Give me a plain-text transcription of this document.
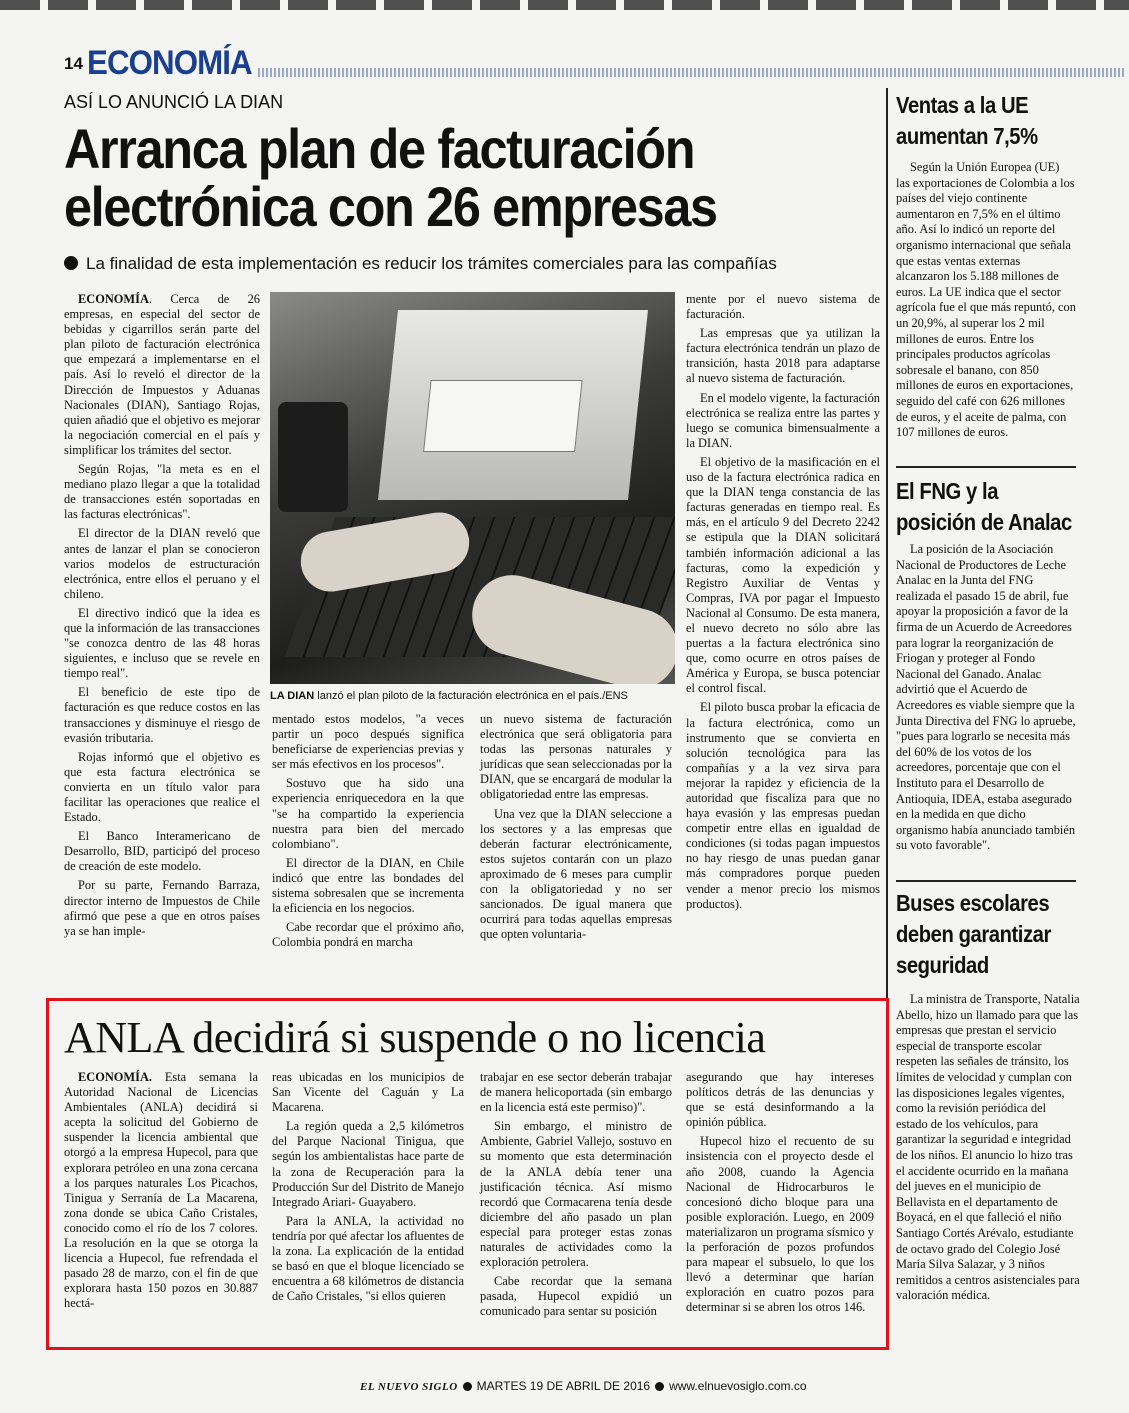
14 ECONOMÍA
ASÍ LO ANUNCIÓ LA DIAN
Arranca plan de facturación electrónica con 26 empresas
La finalidad de esta implementación es reducir los trámites comerciales para las compañías

ECONOMÍA. Cerca de 26 empresas, en especial del sector de bebidas y cigarrillos serán parte del plan piloto de facturación electrónica que empezará a implementarse en el país. Así lo reveló el director de la Dirección de Impuestos y Aduanas Nacionales (DIAN), Santiago Rojas, quien añadió que el objetivo es mejorar la negociación comercial en el país y simplificar los trámites del sector.

Según Rojas, "la meta es en el mediano plazo llegar a que la totalidad de transacciones estén soportadas en las facturas electrónicas".

El director de la DIAN reveló que antes de lanzar el plan se conocieron varios modelos de estructuración electrónica, entre ellos el peruano y el chileno.

El directivo indicó que la idea es que la información de las transacciones "se conozca dentro de las 48 horas siguientes, e incluso que se revele en tiempo real".

El beneficio de este tipo de facturación es que reduce costos en las transacciones y disminuye el riesgo de evasión tributaria.

Rojas informó que el objetivo es que esta factura electrónica se convierta en un título valor para facilitar las operaciones que realice el Estado.

El Banco Interamericano de Desarrollo, BID, participó del proceso de creación de este modelo.

Por su parte, Fernando Barraza, director interno de Impuestos de Chile afirmó que pese a que en otros países ya se han imple-

LA DIAN lanzó el plan piloto de la facturación electrónica en el país./ENS

mentado estos modelos, "a veces partir un poco después significa beneficiarse de experiencias previas y ser más efectivos en los procesos".

Sostuvo que ha sido una experiencia enriquecedora en la que "se ha compartido la experiencia nuestra para bien del mercado colombiano".

El director de la DIAN, en Chile indicó que entre las bondades del sistema sobresalen que se incrementa la eficiencia en los negocios.

Cabe recordar que el próximo año, Colombia pondrá en marcha

un nuevo sistema de facturación electrónica que será obligatoria para todas las personas naturales y jurídicas que sean seleccionadas por la DIAN, que se encargará de modular la obligatoriedad entre las empresas.

Una vez que la DIAN seleccione a los sectores y a las empresas que deberán facturar electrónicamente, estos sujetos contarán con un plazo aproximado de 6 meses para cumplir con la obligatoriedad y no ser sancionados. De igual manera que ocurrirá para todas aquellas empresas que opten voluntaria-

mente por el nuevo sistema de facturación.

Las empresas que ya utilizan la factura electrónica tendrán un plazo de transición, hasta 2018 para adaptarse al nuevo sistema de facturación.

En el modelo vigente, la facturación electrónica se realiza entre las partes y luego se comunica bimensualmente a la DIAN.

El objetivo de la masificación en el uso de la factura electrónica radica en que la DIAN tenga constancia de las facturas generadas en tiempo real. Es más, en el artículo 9 del Decreto 2242 se estipula que la DIAN solicitará también información adicional a las facturas, como la expedición y Registro Auxiliar de Ventas y Compras, IVA por pagar el Impuesto Nacional al Consumo. De esta manera, el nuevo decreto no sólo abre las puertas a la factura electrónica sino que, como ocurre en otros países de América y Europa, se busca potenciar el control fiscal.

El piloto busca probar la eficacia de la factura electrónica, como un instrumento que se convierta en solución tecnológica para las compañías y a la vez sirva para mejorar la rapidez y eficiencia de la autoridad que fiscaliza para que no haya evasión y las empresas puedan competir entre ellas en igualdad de condiciones (si todas pagan impuestos no hay riesgo de unas puedan ganar más compradores porque pueden vender a menor precio los mismos productos).

Ventas a la UE aumentan 7,5%

Según la Unión Europea (UE) las exportaciones de Colombia a los países del viejo continente aumentaron en 7,5% en el último año. Así lo indicó un reporte del organismo internacional que señala que estas ventas externas alcanzaron los 5.188 millones de euros. La UE indica que el sector agrícola fue el que más repuntó, con un 20,9%, al superar los 2 mil millones de euros. Entre los principales productos agrícolas sobresale el banano, con 850 millones de euros en exportaciones, seguido del café con 626 millones de euros, y el aceite de palma, con 107 millones de euros.

El FNG y la posición de Analac

La posición de la Asociación Nacional de Productores de Leche Analac en la Junta del FNG realizada el pasado 15 de abril, fue apoyar la proposición a favor de la firma de un Acuerdo de Acreedores para lograr la reorganización de Friogan y proteger al Fondo Nacional del Ganado. Analac advirtió que el Acuerdo de Acreedores es viable siempre que la Junta Directiva del FNG lo apruebe, "pues para lograrlo se necesita más del 60% de los votos de los acreedores, porcentaje que con el Instituto para el Desarrollo de Antioquia, IDEA, estaba asegurado en la medida en que dicho organismo había anunciado también su voto favorable".

Buses escolares deben garantizar seguridad

La ministra de Transporte, Natalia Abello, hizo un llamado para que las empresas que prestan el servicio especial de transporte escolar respeten las señales de tránsito, los límites de velocidad y cumplan con las disposiciones legales vigentes, como la revisión periódica del estado de los vehículos, para garantizar la seguridad e integridad de los niños. El anuncio lo hizo tras el accidente ocurrido en la mañana del jueves en el municipio de Bellavista en el departamento de Boyacá, en el que falleció el niño Santiago Cortés Arévalo, estudiante de octavo grado del Colegio José María Silva Salazar, y 3 niños remitidos a centros asistenciales para valoración médica.

ANLA decidirá si suspende o no licencia

ECONOMÍA. Esta semana la Autoridad Nacional de Licencias Ambientales (ANLA) decidirá si acepta la solicitud del Gobierno de suspender la licencia ambiental que otorgó a la empresa Hupecol, para que explorara petróleo en una zona cercana a los parques naturales Los Picachos, Tinigua y Serranía de La Macarena, zona donde se ubica Caño Cristales, conocido como el río de los 7 colores. La resolución en la que se otorga la licencia a Hupecol, fue refrendada el pasado 28 de marzo, con el fin de que explorara hasta 150 pozos en 30.887 hectá-

reas ubicadas en los municipios de San Vicente del Caguán y La Macarena.

La región queda a 2,5 kilómetros del Parque Nacional Tinigua, que según los ambientalistas hace parte de la zona de Recuperación para la Producción Sur del Distrito de Manejo Integrado Ariari- Guayabero.

Para la ANLA, la actividad no tendría por qué afectar los afluentes de la zona. La explicación de la entidad se basó en que el bloque licenciado se encuentra a 68 kilómetros de distancia de Caño Cristales, "si ellos quieren

trabajar en ese sector deberán trabajar de manera helicoportada (sin embargo en la licencia está este permiso)".

Sin embargo, el ministro de Ambiente, Gabriel Vallejo, sostuvo en su momento que esta determinación de la ANLA debía tener una justificación técnica. Así mismo recordó que Cormacarena tenía desde diciembre del año pasado un plan especial para proteger estas zonas naturales de actividades como la exploración petrolera.

Cabe recordar que la semana pasada, Hupecol expidió un comunicado para sentar su posición

asegurando que hay intereses políticos detrás de las denuncias y que se está desinformando a la opinión pública.

Hupecol hizo el recuento de su insistencia con el proyecto desde el año 2008, cuando la Agencia Nacional de Hidrocarburos le concesionó dicho bloque para una posible exploración. Luego, en 2009 materializaron un programa sísmico y la perforación de pozos profundos para mapear el subsuelo, lo que los llevó a determinar que harían exploración en cuatro pozos para determinar si se abren los otros 146.

EL NUEVO SIGLO MARTES 19 DE ABRIL DE 2016 www.elnuevosiglo.com.co
